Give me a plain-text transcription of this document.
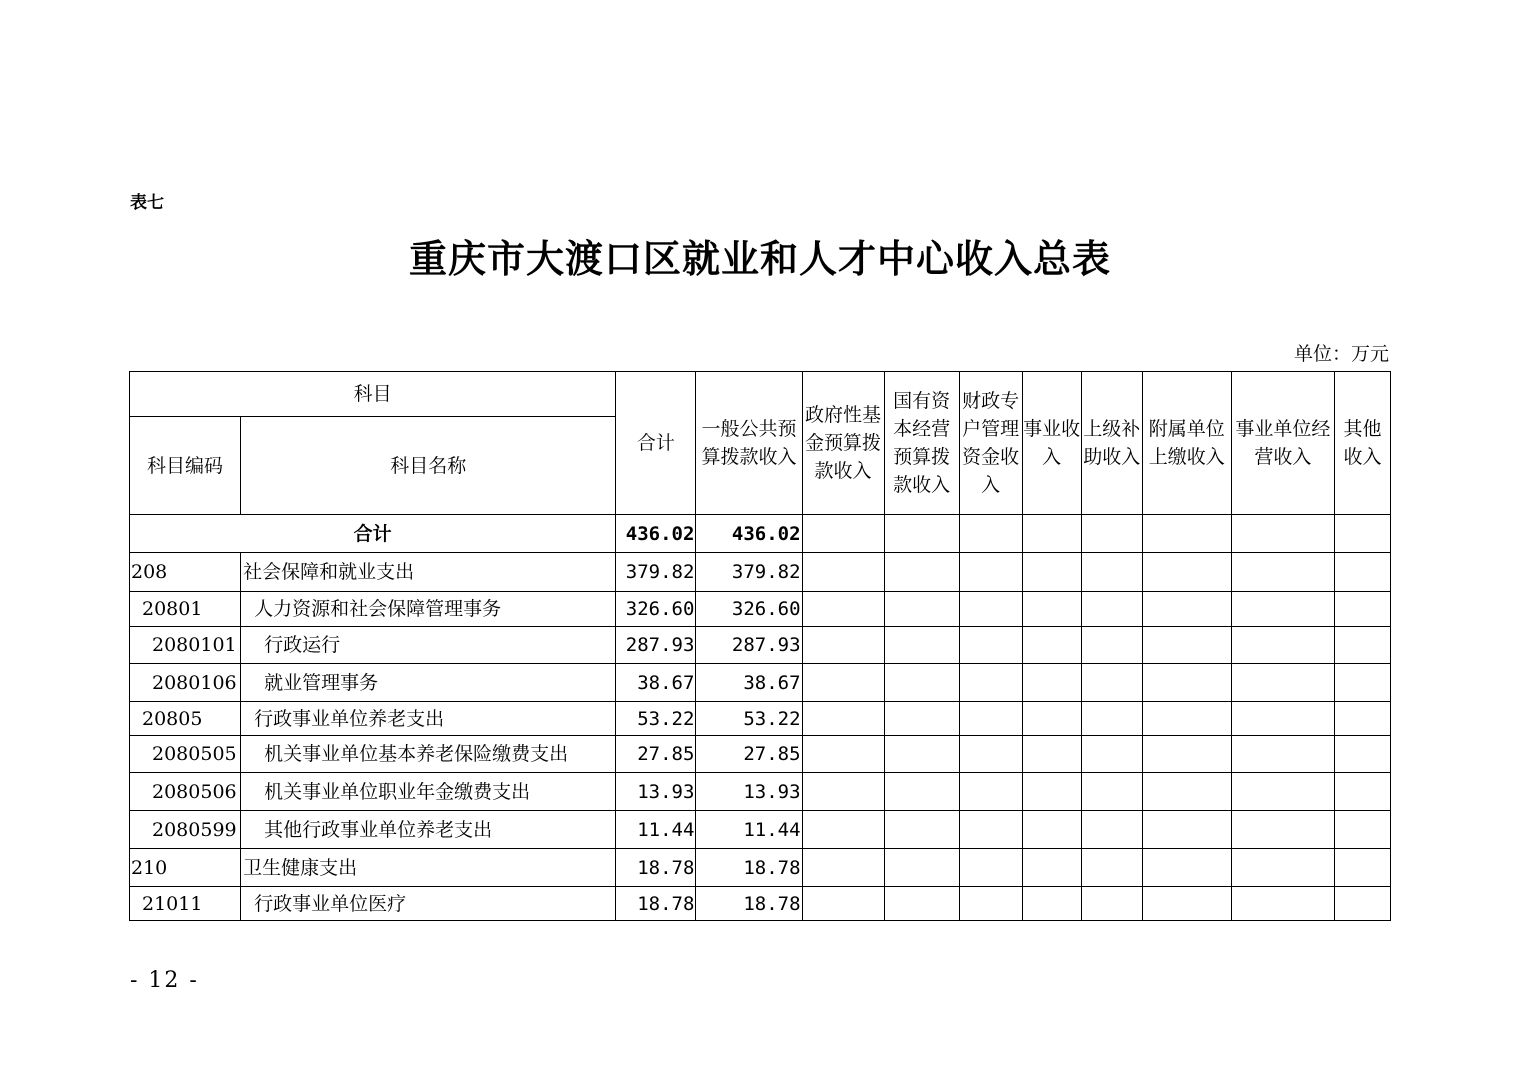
表七
重庆市大渡口区就业和人才中心收入总表
单位：万元
科目		合计	一般公共预算拨款收入	政府性基金预算拨款收入	国有资本经营预算拨款收入	财政专户管理资金收入	事业收入	上级补助收入	附属单位上缴收入	事业单位经营收入	其他收入
科目编码	科目名称										
合计		436.02	436.02								
208	社会保障和就业支出	379.82	379.82								
20801	人力资源和社会保障管理事务	326.60	326.60								
2080101	行政运行	287.93	287.93								
2080106	就业管理事务	38.67	38.67								
20805	行政事业单位养老支出	53.22	53.22								
2080505	机关事业单位基本养老保险缴费支出	27.85	27.85								
2080506	机关事业单位职业年金缴费支出	13.93	13.93								
2080599	其他行政事业单位养老支出	11.44	11.44								
210	卫生健康支出	18.78	18.78								
21011	行政事业单位医疗	18.78	18.78								
- 12 -
